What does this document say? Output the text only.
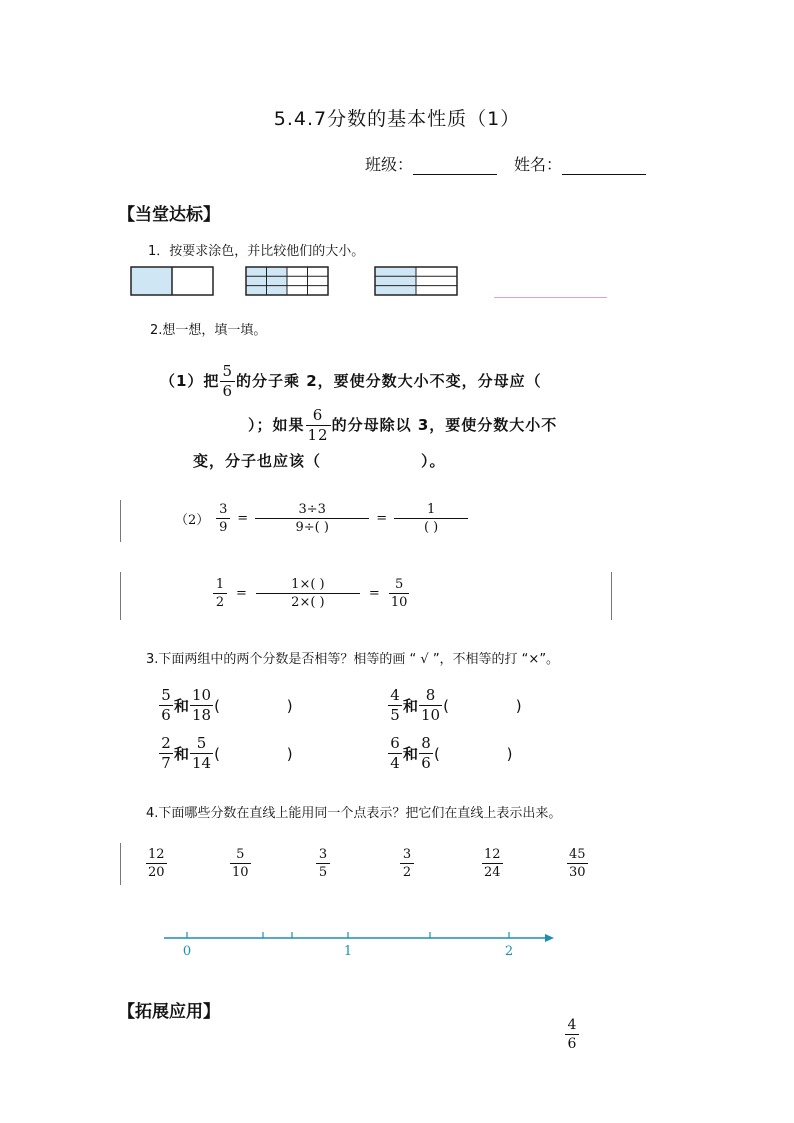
5.4.7分数的基本性质（1）
班级：	姓名：
【当堂达标】
1．按要求涂色，并比较他们的大小。
2.想一想，填一填。
（1）把 $\frac{5}{6}$ 的分子乘 2，要使分数大小不变，分母应（
）；如果 $\frac{6}{12}$ 的分母除以 3，要使分数大小不
变，分子也应该（	）。
$(2) \frac{3}{9} = \frac{3\div 3}{9\div( )} = \frac{1}{( )}$
$\frac{1}{2} = \frac{1\times( )}{2\times( )} = \frac{5}{10}$
3.下面两组中的两个分数是否相等？相等的画 “ √ ”，不相等的打 “×”。
$\frac{5}{6}$ 和 $\frac{10}{18}$ (              )	$\frac{4}{5}$ 和 $\frac{8}{10}$ (              )
$\frac{2}{7}$ 和 $\frac{5}{14}$ (              )	$\frac{6}{4}$ 和 $\frac{8}{6}$ (              )
4.下面哪些分数在直线上能用同一个点表示？把它们在直线上表示出来。
$\frac{12}{20}$	$\frac{5}{10}$	$\frac{3}{5}$	$\frac{3}{2}$	$\frac{12}{24}$	$\frac{45}{30}$
0	1	2
【拓展应用】
$\frac{4}{6}$
